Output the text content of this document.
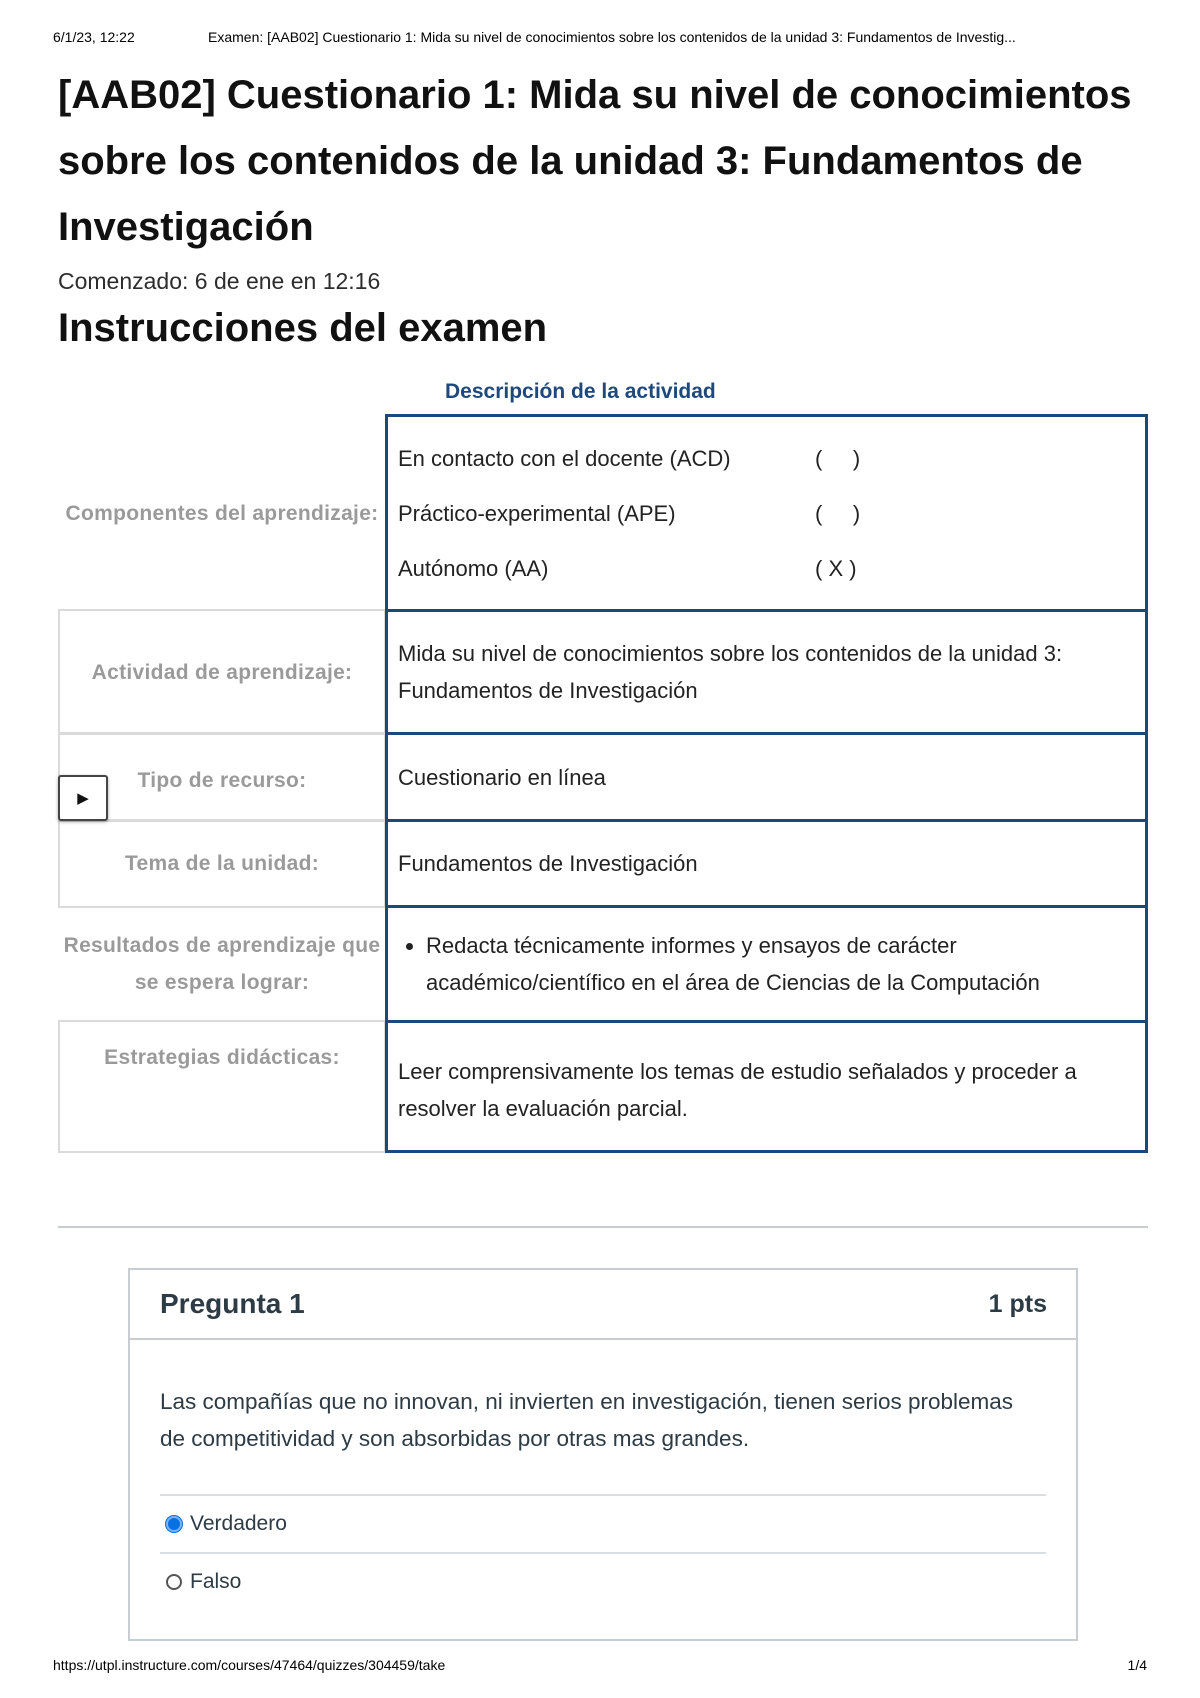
6/1/23, 12:22	Examen: [AAB02] Cuestionario 1: Mida su nivel de conocimientos sobre los contenidos de la unidad 3: Fundamentos de Investig...
[AAB02] Cuestionario 1: Mida su nivel de conocimientos sobre los contenidos de la unidad 3: Fundamentos de Investigación
Comenzado: 6 de ene en 12:16
Instrucciones del examen
Descripción de la actividad
Componentes del aprendizaje:
En contacto con el docente (ACD)	(     )
Práctico-experimental (APE)	(     )
Autónomo (AA)	( X )
Actividad de aprendizaje:
Mida su nivel de conocimientos sobre los contenidos de la unidad 3: Fundamentos de Investigación
Tipo de recurso:	Cuestionario en línea
Tema de la unidad:	Fundamentos de Investigación
Resultados de aprendizaje que se espera lograr:
• Redacta técnicamente informes y ensayos de carácter académico/científico en el área de Ciencias de la Computación
Estrategias didácticas:
Leer comprensivamente los temas de estudio señalados y proceder a resolver la evaluación parcial.
▶
Pregunta 1	1 pts
Las compañías que no innovan, ni invierten en investigación, tienen serios problemas de competitividad y son absorbidas por otras mas grandes.
Verdadero
Falso
https://utpl.instructure.com/courses/47464/quizzes/304459/take	1/4
